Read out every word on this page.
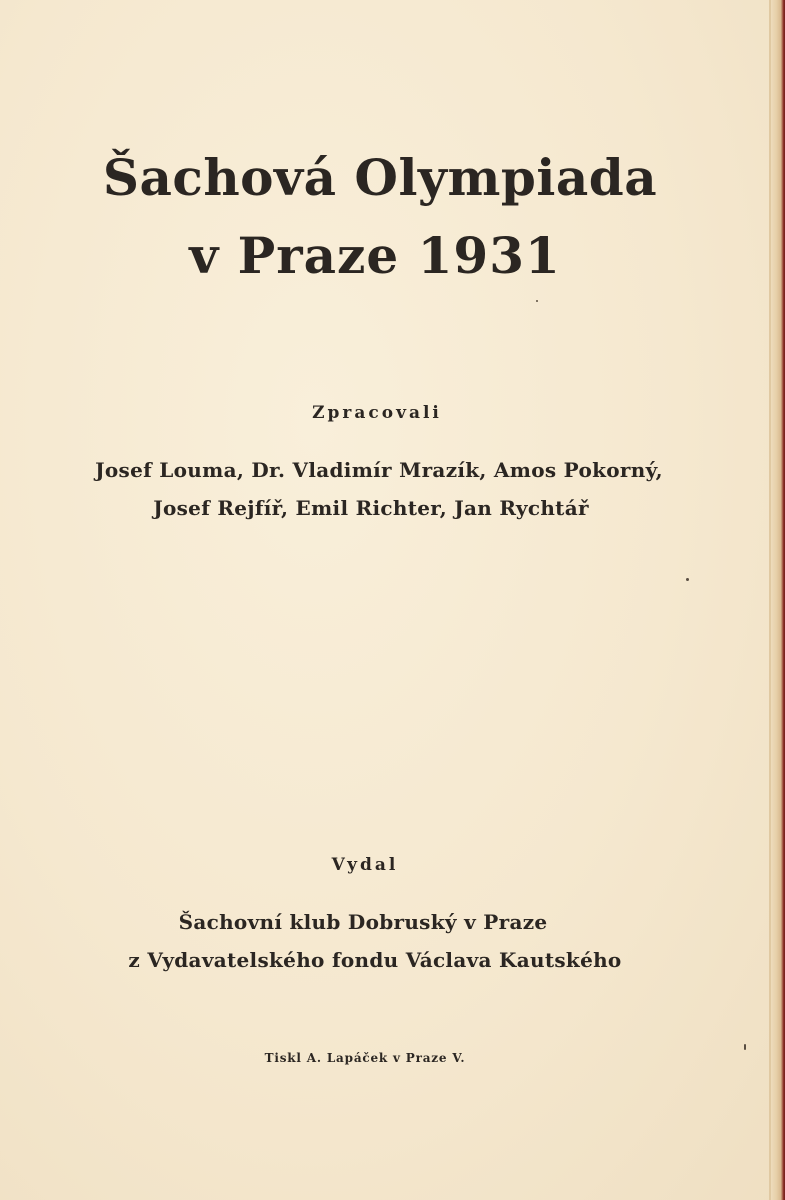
Šachová Olympiada
v Praze 1931
Zpracovali
Josef Louma, Dr. Vladimír Mrazík, Amos Pokorný,
Josef Rejfíř, Emil Richter, Jan Rychtář
Vydal
Šachovní klub Dobruský v Praze
z Vydavatelského fondu Václava Kautského
Tiskl A. Lapáček v Praze V.
